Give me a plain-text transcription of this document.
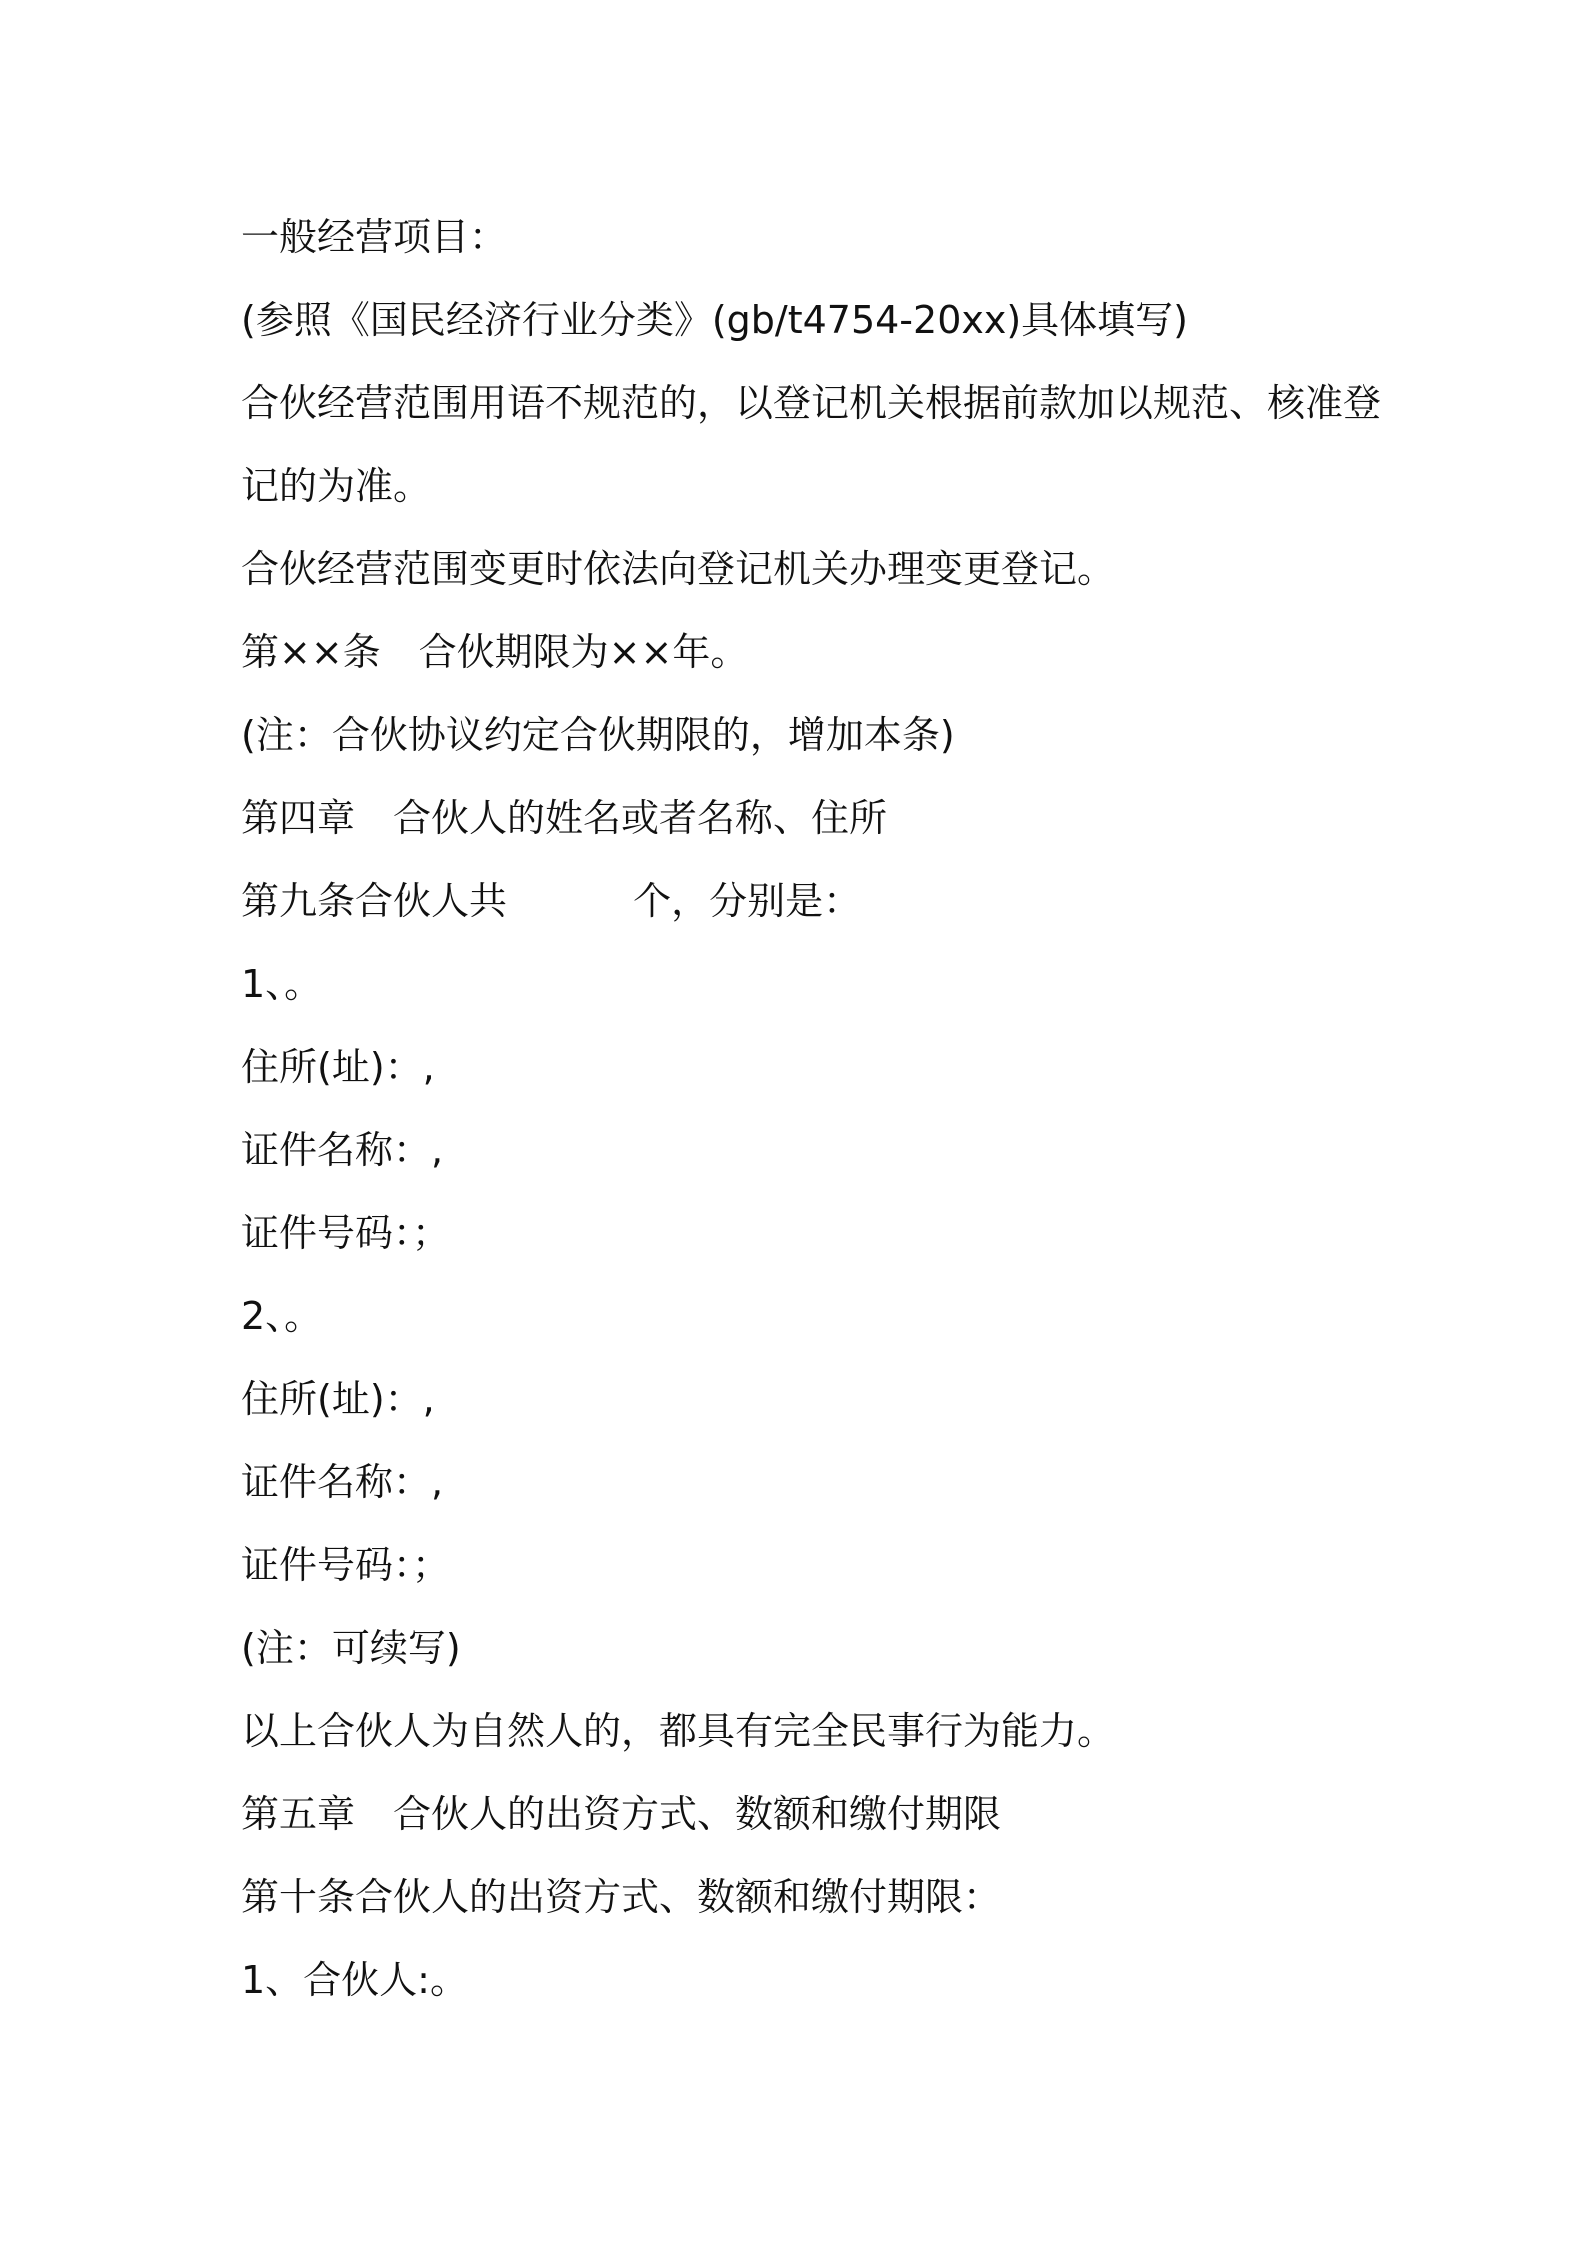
一般经营项目：

(参照《国民经济行业分类》(gb/t4754-20xx)具体填写)

合伙经营范围用语不规范的，以登记机关根据前款加以规范、核准登

记的为准。

合伙经营范围变更时依法向登记机关办理变更登记。

第××条　合伙期限为××年。

(注：合伙协议约定合伙期限的，增加本条)

第四章　合伙人的姓名或者名称、住所

第九条合伙人共　　　 个，分别是：

1、。

住所(址)：,

证件名称：,

证件号码：；

2、。

住所(址)：,

证件名称：,

证件号码：；

(注：可续写)

以上合伙人为自然人的，都具有完全民事行为能力。

第五章　合伙人的出资方式、数额和缴付期限

第十条合伙人的出资方式、数额和缴付期限：

1、合伙人:。
